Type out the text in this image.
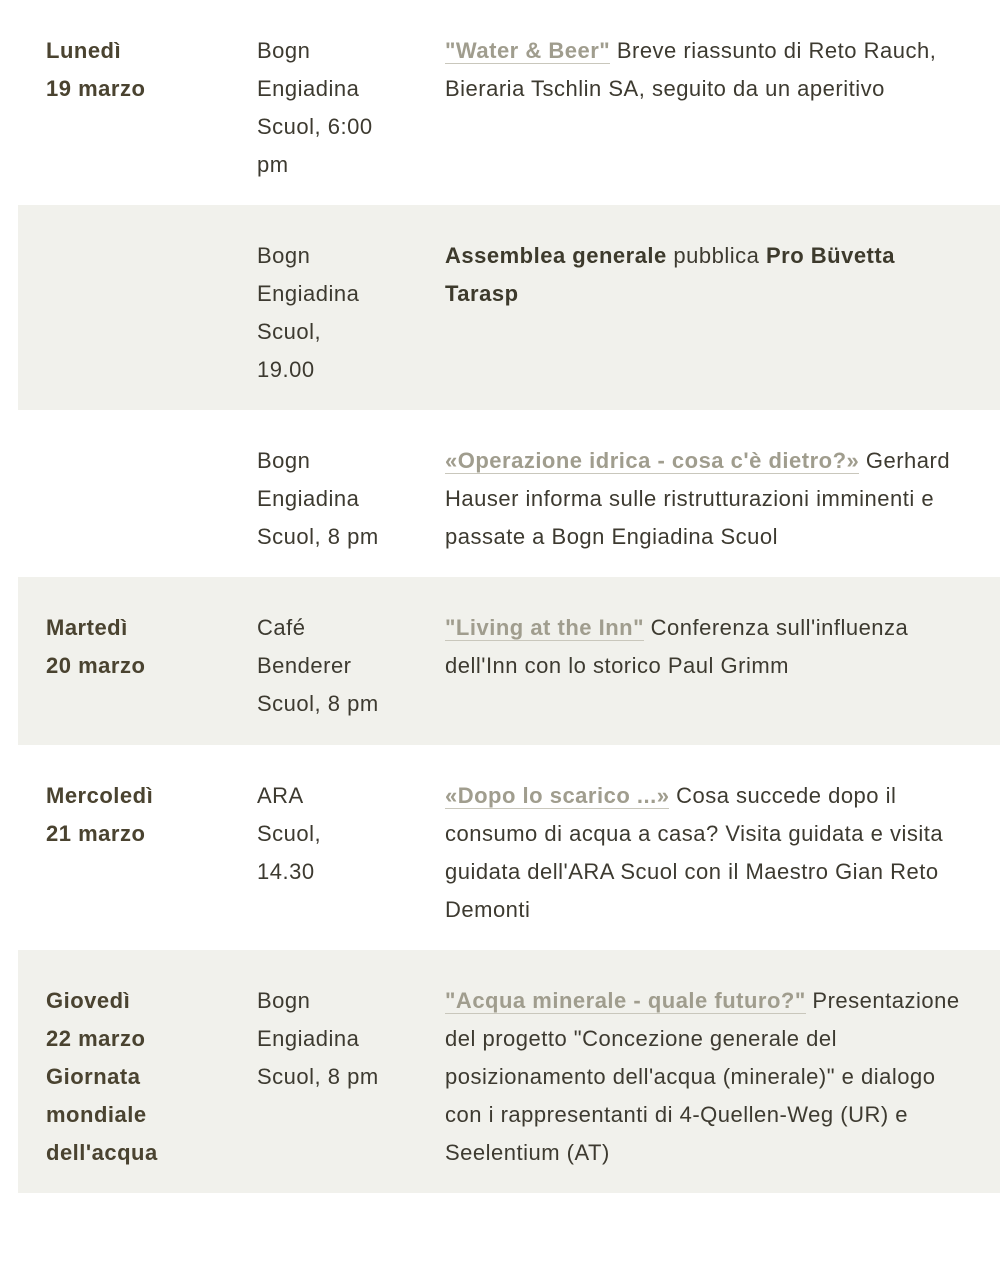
Lunedì
19 marzo
Bogn
Engiadina
Scuol, 6:00
pm
"Water & Beer" Breve riassunto di Reto Rauch,
Bieraria Tschlin SA, seguito da un aperitivo
Bogn
Engiadina
Scuol,
19.00
Assemblea generale pubblica Pro Büvetta
Tarasp
Bogn
Engiadina
Scuol, 8 pm
«Operazione idrica - cosa c'è dietro?» Gerhard
Hauser informa sulle ristrutturazioni imminenti e
passate a Bogn Engiadina Scuol
Martedì
20 marzo
Café
Benderer
Scuol, 8 pm
"Living at the Inn" Conferenza sull'influenza
dell'Inn con lo storico Paul Grimm
Mercoledì
21 marzo
ARA
Scuol,
14.30
«Dopo lo scarico ...» Cosa succede dopo il
consumo di acqua a casa? Visita guidata e visita
guidata dell'ARA Scuol con il Maestro Gian Reto
Demonti
Giovedì
22 marzo
Giornata
mondiale
dell'acqua
Bogn
Engiadina
Scuol, 8 pm
"Acqua minerale - quale futuro?" Presentazione
del progetto "Concezione generale del
posizionamento dell'acqua (minerale)" e dialogo
con i rappresentanti di 4-Quellen-Weg (UR) e
Seelentium (AT)
